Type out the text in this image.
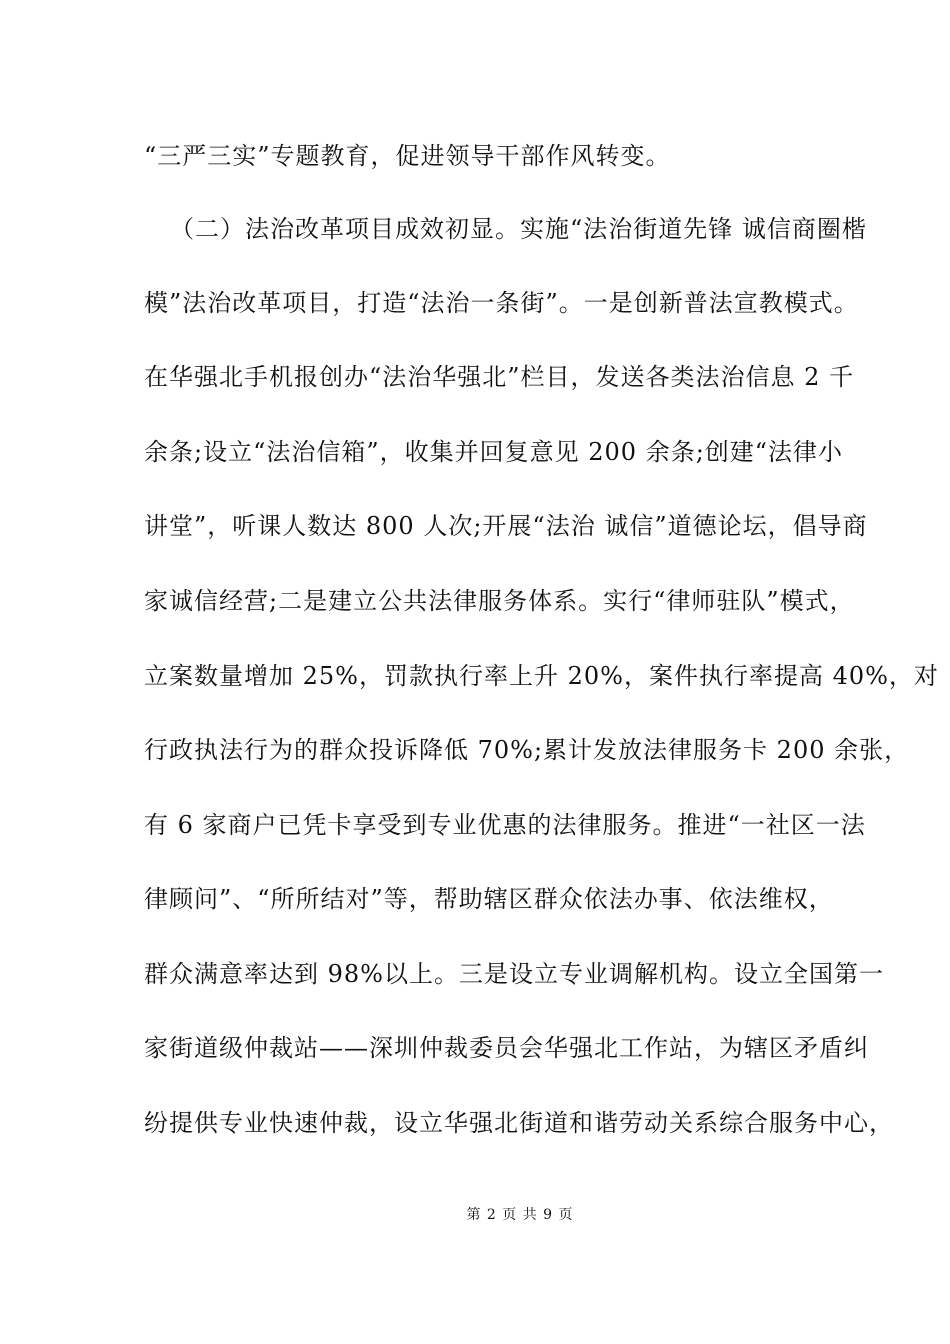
“三严三实”专题教育，促进领导干部作风转变。
（二）法治改革项目成效初显。实施“法治街道先锋 诚信商圈楷
模”法治改革项目，打造“法治一条街”。一是创新普法宣教模式。
在华强北手机报创办“法治华强北”栏目，发送各类法治信息 2 千
余条;设立“法治信箱”，收集并回复意见 200 余条;创建“法律小
讲堂”，听课人数达 800 人次;开展“法治 诚信”道德论坛，倡导商
家诚信经营;二是建立公共法律服务体系。实行“律师驻队”模式，
立案数量增加 25%，罚款执行率上升 20%，案件执行率提高 40%，对
行政执法行为的群众投诉降低 70%;累计发放法律服务卡 200 余张，
有 6 家商户已凭卡享受到专业优惠的法律服务。推进“一社区一法
律顾问”、“所所结对”等，帮助辖区群众依法办事、依法维权，
群众满意率达到 98%以上。三是设立专业调解机构。设立全国第一
家街道级仲裁站——深圳仲裁委员会华强北工作站，为辖区矛盾纠
纷提供专业快速仲裁，设立华强北街道和谐劳动关系综合服务中心，
第 2 页 共 9 页
